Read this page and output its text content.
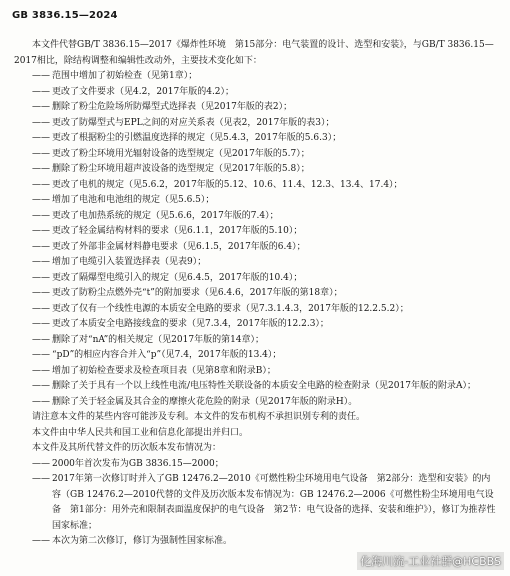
GB 3836.15—2024
本文件代替GB/T 3836.15—2017《爆炸性环境　第15部分：电气装置的设计、选型和安装》，与GB/T 3836.15—2017相比，除结构调整和编辑性改动外，主要技术变化如下：
—— 范围中增加了初始检查（见第1章）；
—— 更改了文件要求（见4.2，2017年版的4.2）；
—— 删除了粉尘危险场所防爆型式选择表（见2017年版的表2）；
—— 更改了防爆型式与EPL之间的对应关系表（见表2，2017年版的表3）；
—— 更改了根据粉尘的引燃温度选择的规定（见5.4.3，2017年版的5.6.3）；
—— 更改了粉尘环境用光辐射设备的选型规定（见2017年版的5.7）；
—— 删除了粉尘环境用超声波设备的选型规定（见2017年版的5.8）；
—— 更改了电机的规定（见5.6.2，2017年版的5.12、10.6、11.4、12.3、13.4、17.4）；
—— 增加了电池和电池组的规定（见5.6.5）；
—— 更改了电加热系统的规定（见5.6.6，2017年版的7.4）；
—— 更改了轻金属结构材料的要求（见6.1.1，2017年版的5.10）；
—— 更改了外部非金属材料静电要求（见6.1.5，2017年版的6.4）；
—— 增加了电缆引入装置选择表（见表9）；
—— 更改了隔爆型电缆引入的规定（见6.4.5，2017年版的10.4）；
—— 更改了防粉尘点燃外壳“t”的附加要求（见6.4.6，2017年版的第18章）；
—— 更改了仅有一个线性电源的本质安全电路的要求（见7.3.1.4.3，2017年版的12.2.5.2）；
—— 更改了本质安全电路接线盒的要求（见7.3.4，2017年版的12.2.3）；
—— 删除了对“nA”的相关规定（见2017年版的第14章）；
—— “pD”的相应内容合并入“p”（见7.4，2017年版的13.4）；
—— 增加了初始检查要求及检查项目表（见第8章和附录B）；
—— 删除了关于具有一个以上线性电流/电压特性关联设备的本质安全电路的检查附录（见2017年版的附录A）；
—— 删除了关于轻金属及其合金的摩擦火花危险的附录（见2017年版的附录H）。
请注意本文件的某些内容可能涉及专利。本文件的发布机构不承担识别专利的责任。
本文件由中华人民共和国工业和信息化部提出并归口。
本文件及其所代替文件的历次版本发布情况为：
—— 2000年首次发布为GB 3836.15—2000；
—— 2017年第一次修订时并入了GB 12476.2—2010《可燃性粉尘环境用电气设备　第2部分：选型和安装》的内容（GB 12476.2—2010代替的文件及历次版本发布情况为：GB 12476.2—2006《可燃性粉尘环境用电气设备　第1部分：用外壳和限制表面温度保护的电气设备　第2节：电气设备的选择、安装和维护》），修订为推荐性国家标准；
—— 本次为第二次修订，修订为强制性国家标准。
化海川流-工业社群@HCBBS
